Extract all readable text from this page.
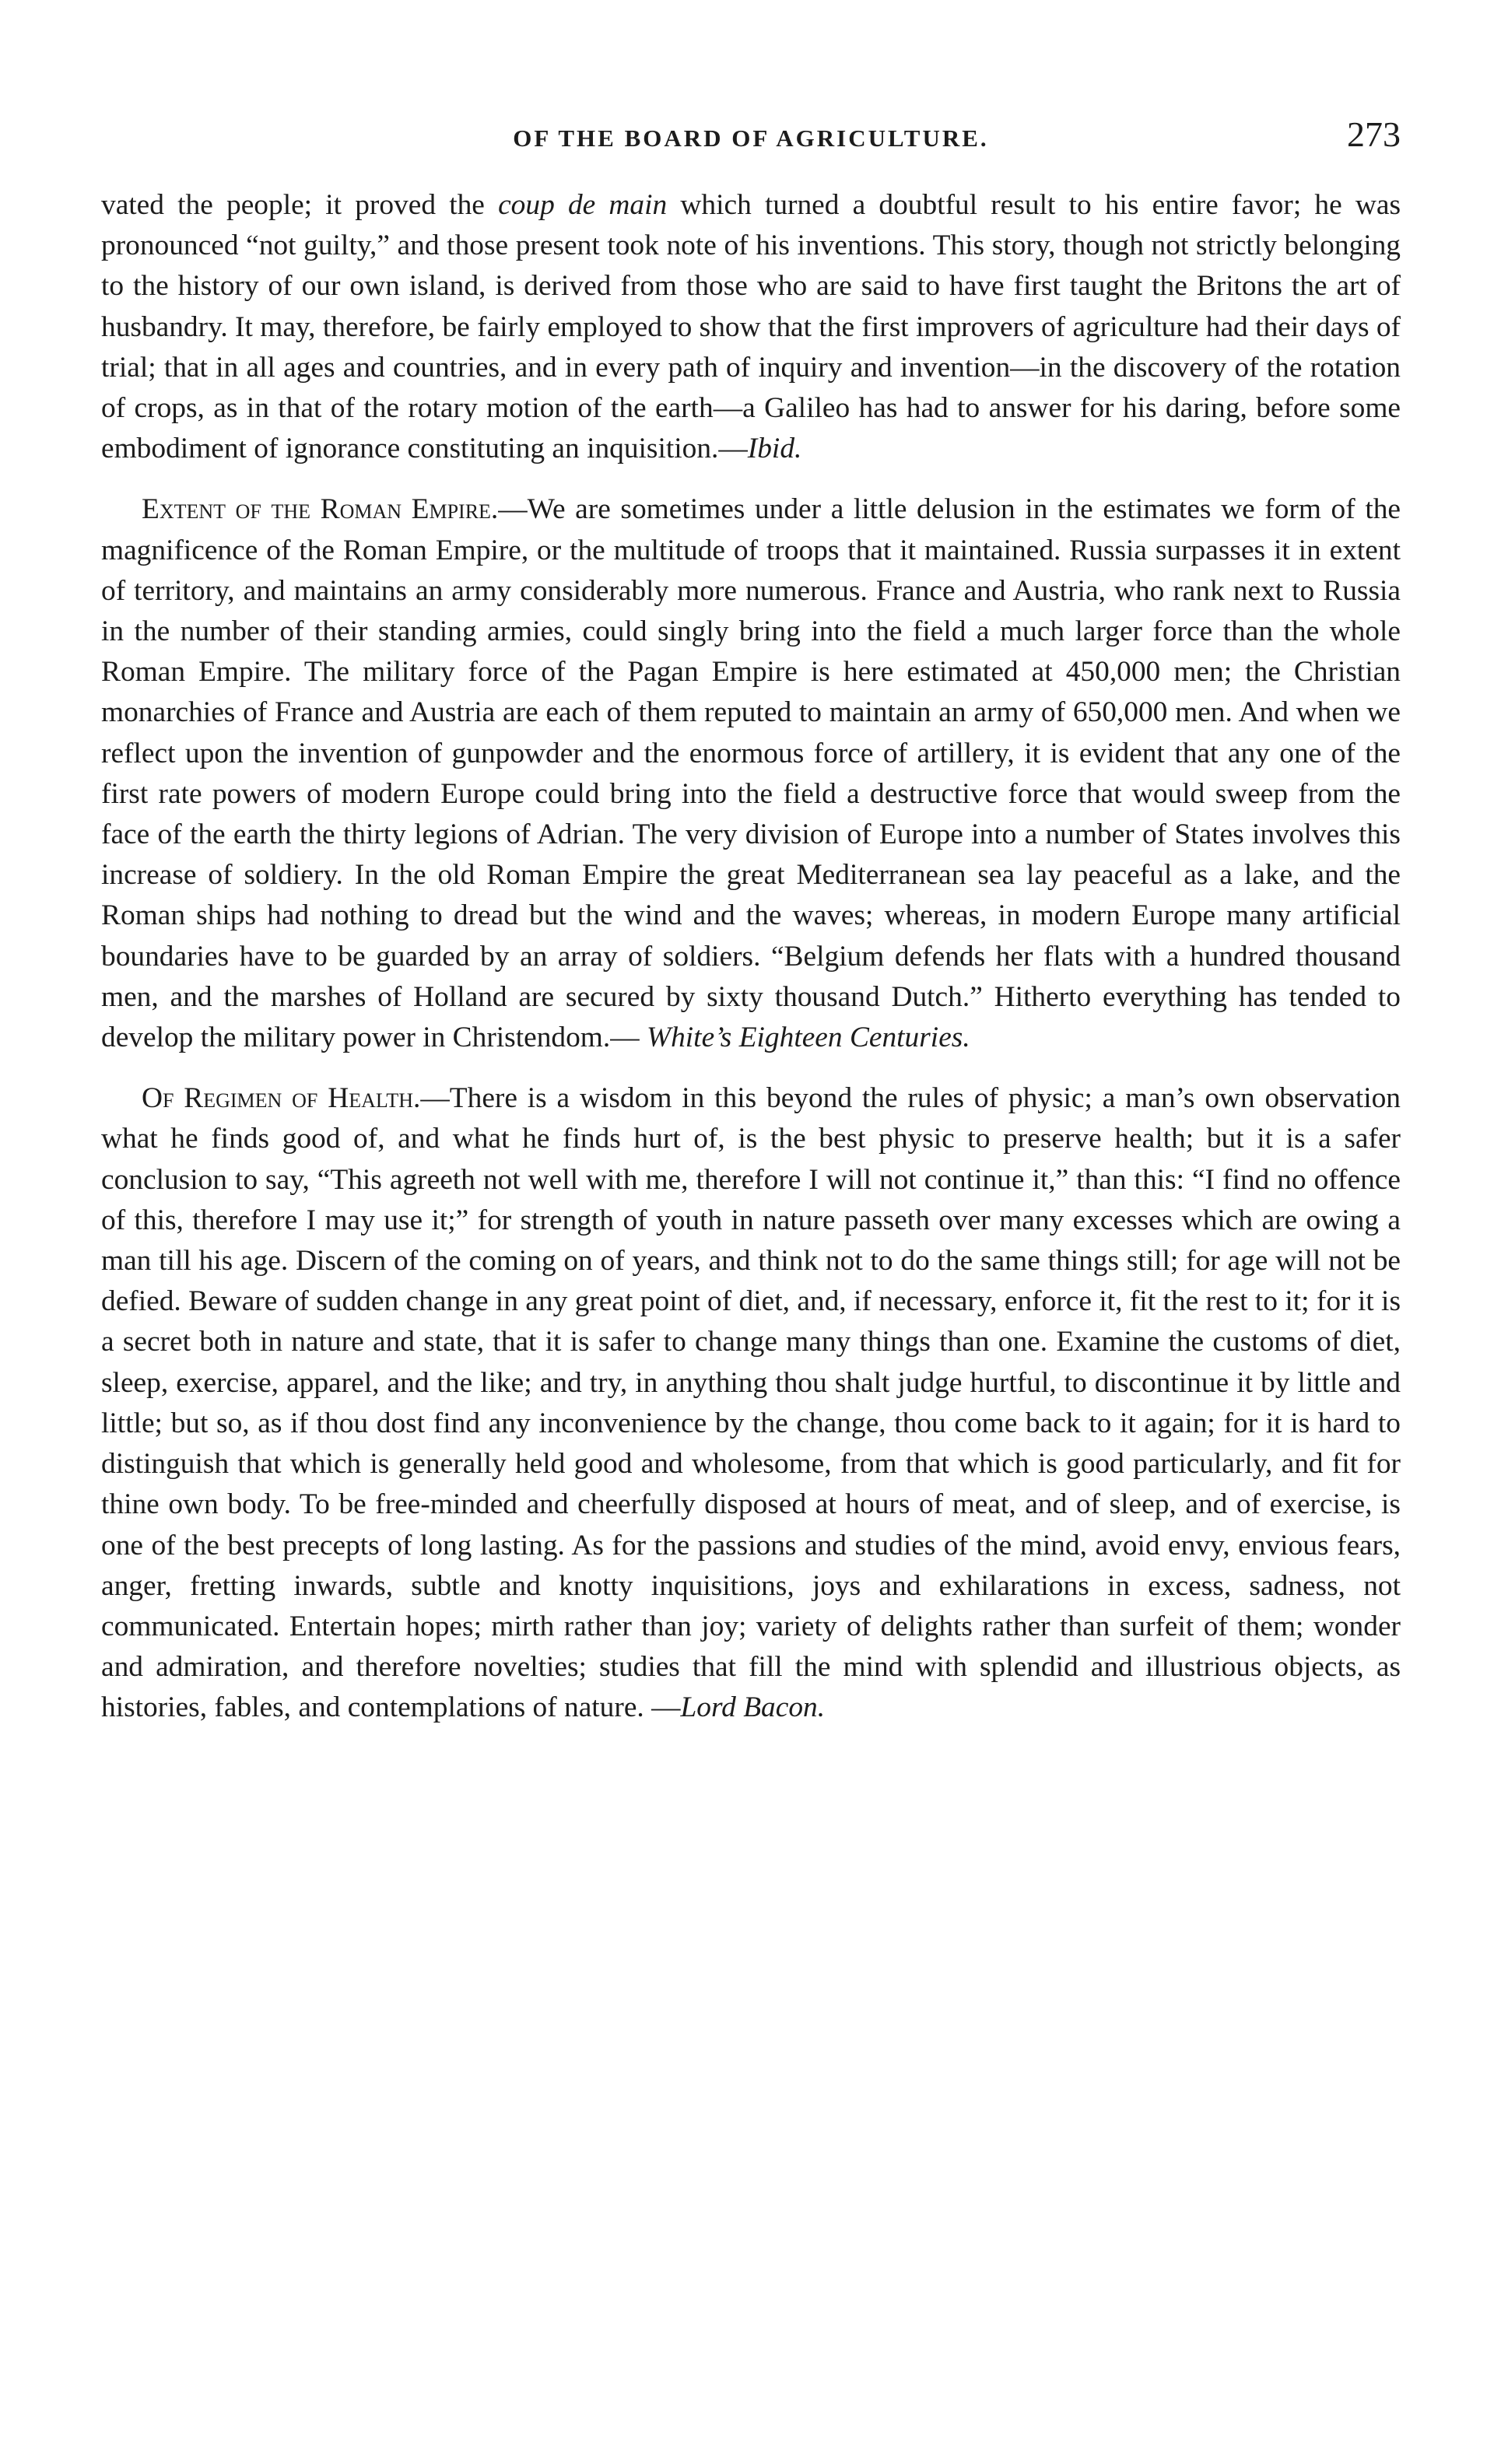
OF THE BOARD OF AGRICULTURE.	273

vated the people; it proved the coup de main which turned a doubtful result to his entire favor; he was pronounced “not guilty,” and those present took note of his inventions. This story, though not strictly belonging to the history of our own island, is derived from those who are said to have first taught the Britons the art of husbandry. It may, therefore, be fairly employed to show that the first improvers of agriculture had their days of trial; that in all ages and countries, and in every path of inquiry and invention—in the discovery of the rotation of crops, as in that of the rotary motion of the earth—a Galileo has had to answer for his daring, before some embodiment of ignorance constituting an inquisition.—Ibid.

Extent of the Roman Empire.—We are sometimes under a little delusion in the estimates we form of the magnificence of the Roman Empire, or the multitude of troops that it maintained. Russia surpasses it in extent of territory, and maintains an army considerably more numerous. France and Austria, who rank next to Russia in the number of their standing armies, could singly bring into the field a much larger force than the whole Roman Empire. The military force of the Pagan Empire is here estimated at 450,000 men; the Christian monarchies of France and Austria are each of them reputed to maintain an army of 650,000 men. And when we reflect upon the invention of gunpowder and the enormous force of artillery, it is evident that any one of the first rate powers of modern Europe could bring into the field a destructive force that would sweep from the face of the earth the thirty legions of Adrian. The very division of Europe into a number of States involves this increase of soldiery. In the old Roman Empire the great Mediterranean sea lay peaceful as a lake, and the Roman ships had nothing to dread but the wind and the waves; whereas, in modern Europe many artificial boundaries have to be guarded by an array of soldiers. “Belgium defends her flats with a hundred thousand men, and the marshes of Holland are secured by sixty thousand Dutch.” Hitherto everything has tended to develop the military power in Christendom.— White’s Eighteen Centuries.

Of Regimen of Health.—There is a wisdom in this beyond the rules of physic; a man’s own observation what he finds good of, and what he finds hurt of, is the best physic to preserve health; but it is a safer conclusion to say, “This agreeth not well with me, therefore I will not continue it,” than this: “I find no offence of this, therefore I may use it;” for strength of youth in nature passeth over many excesses which are owing a man till his age. Discern of the coming on of years, and think not to do the same things still; for age will not be defied. Beware of sudden change in any great point of diet, and, if necessary, enforce it, fit the rest to it; for it is a secret both in nature and state, that it is safer to change many things than one. Examine the customs of diet, sleep, exercise, apparel, and the like; and try, in anything thou shalt judge hurtful, to discontinue it by little and little; but so, as if thou dost find any inconvenience by the change, thou come back to it again; for it is hard to distinguish that which is generally held good and wholesome, from that which is good particularly, and fit for thine own body. To be free-minded and cheerfully disposed at hours of meat, and of sleep, and of exercise, is one of the best precepts of long lasting. As for the passions and studies of the mind, avoid envy, envious fears, anger, fretting inwards, subtle and knotty inquisitions, joys and exhilarations in excess, sadness, not communicated. Entertain hopes; mirth rather than joy; variety of delights rather than surfeit of them; wonder and admiration, and therefore novelties; studies that fill the mind with splendid and illustrious objects, as histories, fables, and contemplations of nature. —Lord Bacon.
